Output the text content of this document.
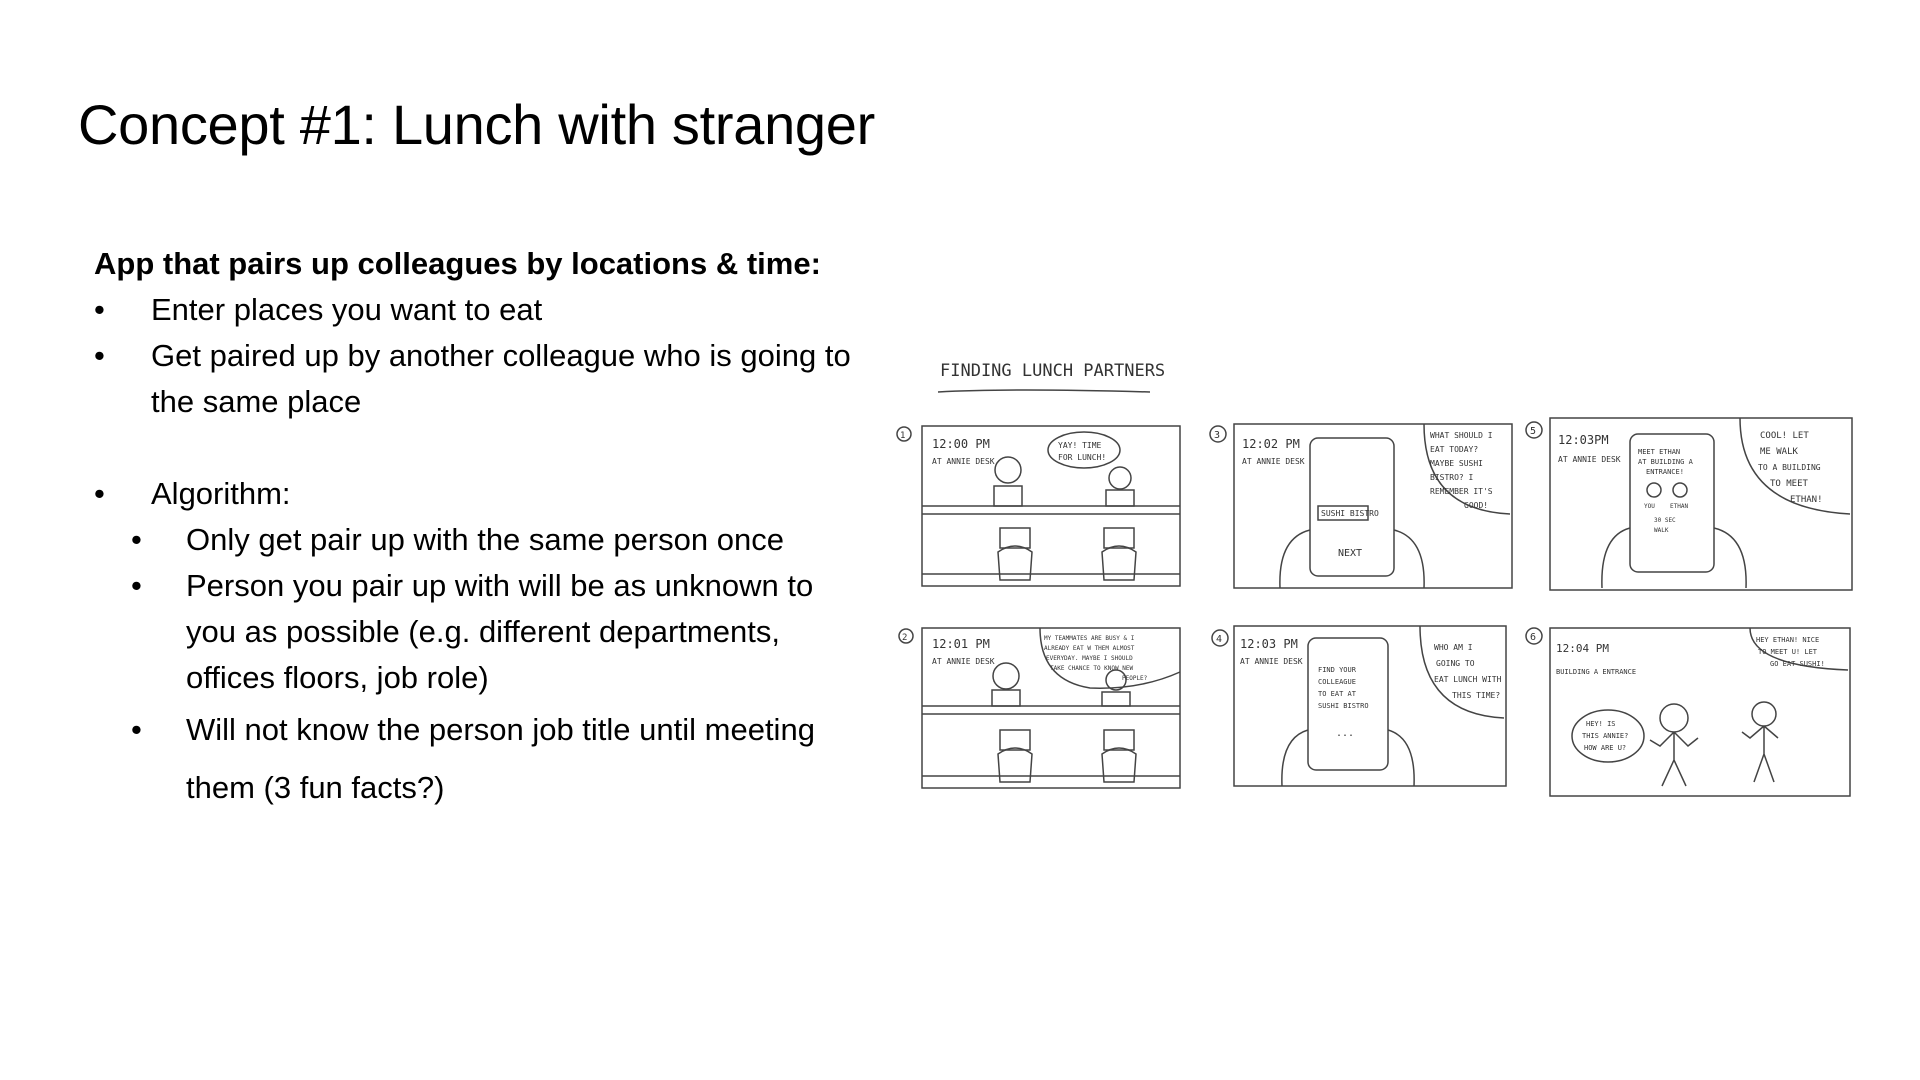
Concept #1: Lunch with stranger
App that pairs up colleagues by locations & time:
• Enter places you want to eat
• Get paired up by another colleague who is going to the same place
• Algorithm:
• Only get pair up with the same person once
• Person you pair up with will be as unknown to you as possible (e.g. different departments, offices floors, job role)
• Will not know the person job title until meeting them (3 fun facts?)
FINDING LUNCH PARTNERS
1
12:00 PM
AT ANNIE DESK
YAY! TIME
FOR LUNCH!
3
12:02 PM
AT ANNIE DESK
SUSHI BISTRO
NEXT
WHAT SHOULD I
EAT TODAY?
MAYBE SUSHI
BISTRO? I
REMEMBER IT'S
GOOD!
5
12:03PM
AT ANNIE DESK
MEET ETHAN
AT BUILDING A
ENTRANCE!
YOU	ETHAN
30 SEC
WALK
COOL! LET
ME WALK
TO A BUILDING
TO MEET
ETHAN!
2 12:01 PM
AT ANNIE DESK
MY TEAMMATES ARE BUSY & I
ALREADY EAT W THEM ALMOST
EVERYDAY. MAYBE I SHOULD
TAKE CHANCE TO KNOW NEW
PEOPLE?
4 12:03 PM
AT ANNIE DESK
FIND YOUR
COLLEAGUE
TO EAT AT
SUSHI BISTRO
...
WHO AM I
GOING TO
EAT LUNCH WITH
THIS TIME?
6
12:04 PM
BUILDING A ENTRANCE
HEY ETHAN! NICE
TO MEET U! LET
GO EAT SUSHI!
HEY! IS
THIS ANNIE?
HOW ARE U?
